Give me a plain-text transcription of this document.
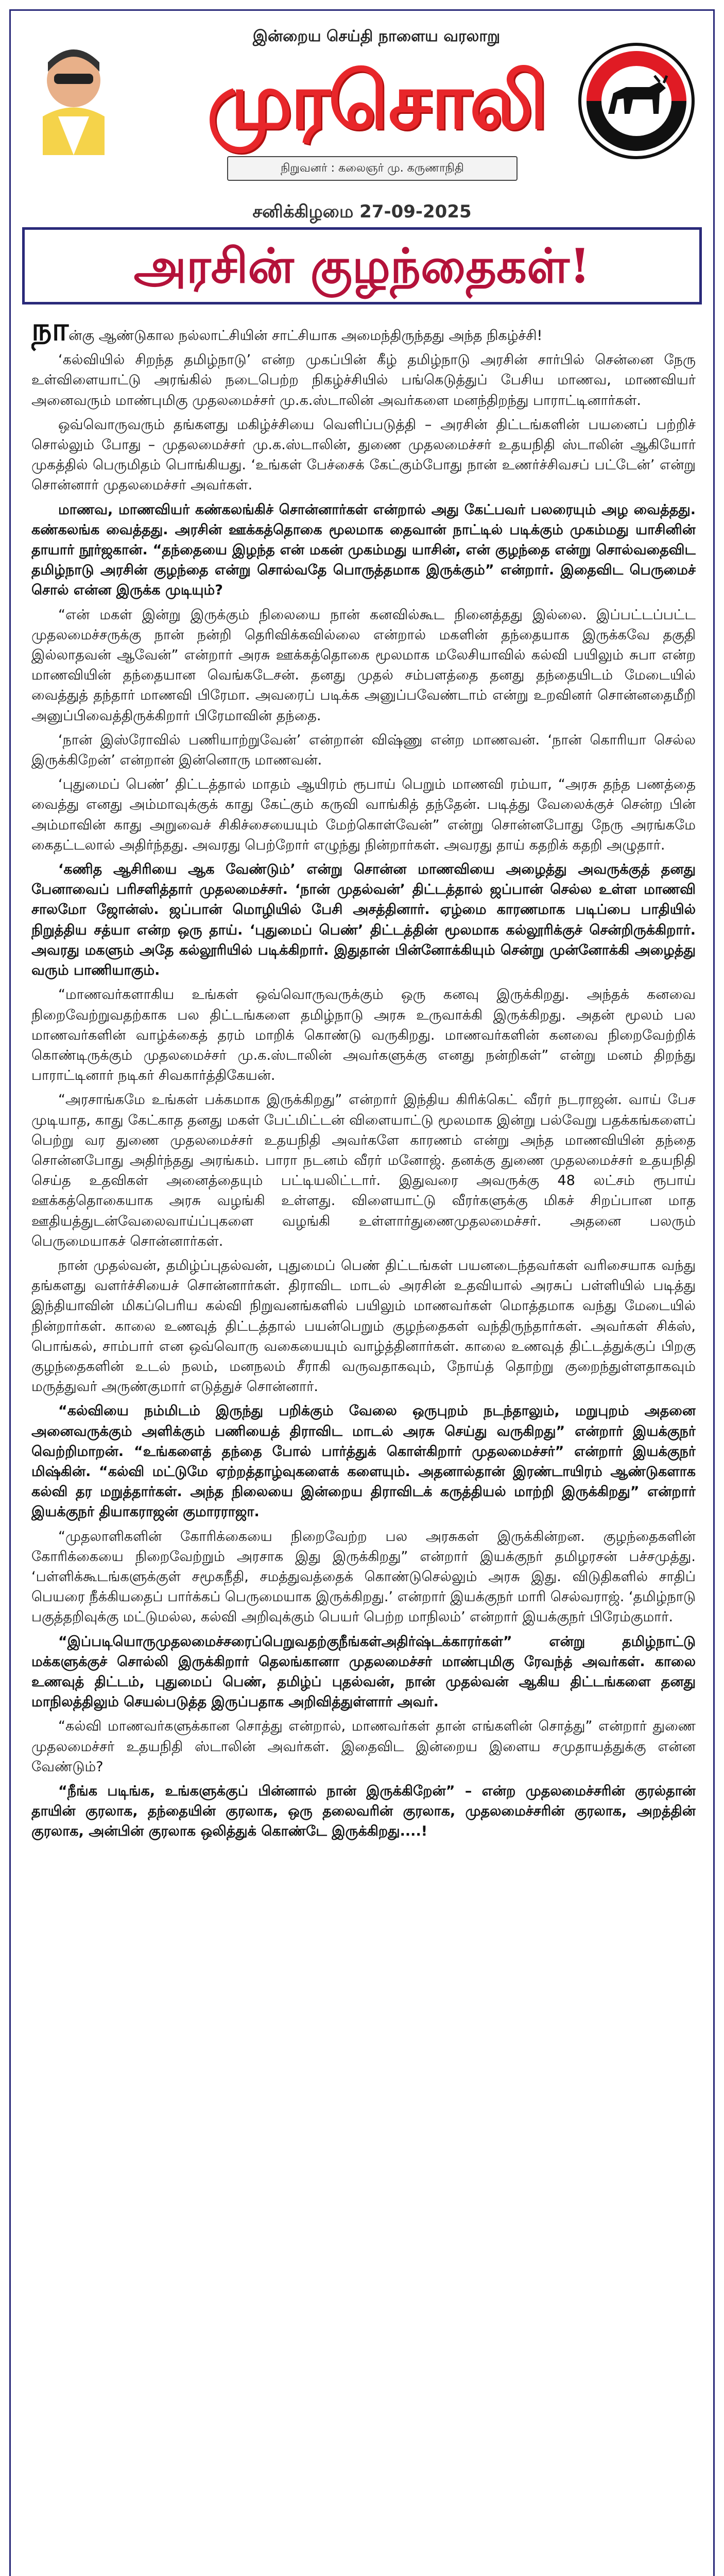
இன்றைய செய்தி நாளைய வரலாறு
முரசொலி
நிறுவனர் : கலைஞர் மு. கருணாநிதி
சனிக்கிழமை 27-09-2025
அரசின் குழந்தைகள்!

நான்கு ஆண்டுகால நல்லாட்சியின் சாட்சியாக அமைந்திருந்தது அந்த நிகழ்ச்சி!

‘கல்வியில் சிறந்த தமிழ்நாடு’ என்ற முகப்பின் கீழ் தமிழ்நாடு அரசின் சார்பில் சென்னை நேரு உள்விளையாட்டு அரங்கில் நடைபெற்ற நிகழ்ச்சியில் பங்கெடுத்துப் பேசிய மாணவ, மாணவியர் அனைவரும் மாண்புமிகு முதலமைச்சர் மு.க.ஸ்டாலின் அவர்களை மனந்திறந்து பாராட்டினார்கள்.

ஒவ்வொருவரும் தங்களது மகிழ்ச்சியை வெளிப்படுத்தி – அரசின் திட்டங்களின் பயனைப் பற்றிச் சொல்லும் போது – முதலமைச்சர் மு.க.ஸ்டாலின், துணை முதலமைச்சர் உதயநிதி ஸ்டாலின் ஆகியோர் முகத்தில் பெருமிதம் பொங்கியது. ‘உங்கள் பேச்சைக் கேட்கும்போது நான் உணர்ச்சிவசப் பட்டேன்’ என்று சொன்னார் முதலமைச்சர் அவர்கள்.

மாணவ, மாணவியர் கண்கலங்கிச் சொன்னார்கள் என்றால் அது கேட்பவர் பலரையும் அழ வைத்தது. கண்கலங்க வைத்தது. அரசின் ஊக்கத்தொகை மூலமாக தைவான் நாட்டில் படிக்கும் முகம்மது யாசினின் தாயார் நூர்ஜகான். “தந்தையை இழந்த என் மகன் முகம்மது யாசின், என் குழந்தை என்று சொல்வதைவிட தமிழ்நாடு அரசின் குழந்தை என்று சொல்வதே பொருத்தமாக இருக்கும்” என்றார். இதைவிட பெருமைச் சொல் என்ன இருக்க முடியும்?

“என் மகள் இன்று இருக்கும் நிலையை நான் கனவில்கூட நினைத்தது இல்லை. இப்பட்டப்பட்ட முதலமைச்சருக்கு நான் நன்றி தெரிவிக்கவில்லை என்றால் மகளின் தந்தையாக இருக்கவே தகுதி இல்லாதவன் ஆவேன்” என்றார் அரசு ஊக்கத்தொகை மூலமாக மலேசியாவில் கல்வி பயிலும் சுபா என்ற மாணவியின் தந்தையான வெங்கடேசன். தனது முதல் சம்பளத்தை தனது தந்தையிடம் மேடையில் வைத்துத் தந்தார் மாணவி பிரேமா. அவரைப் படிக்க அனுப்பவேண்டாம் என்று உறவினர் சொன்னதைமீறி அனுப்பிவைத்திருக்கிறார் பிரேமாவின் தந்தை.

‘நான் இஸ்ரோவில் பணியாற்றுவேன்’ என்றான் விஷ்ணு என்ற மாணவன். ‘நான் கொரியா செல்ல இருக்கிறேன்’ என்றான் இன்னொரு மாணவன்.

‘புதுமைப் பெண்’ திட்டத்தால் மாதம் ஆயிரம் ரூபாய் பெறும் மாணவி ரம்யா, “அரசு தந்த பணத்தை வைத்து எனது அம்மாவுக்குக் காது கேட்கும் கருவி வாங்கித் தந்தேன். படித்து வேலைக்குச் சென்ற பின் அம்மாவின் காது அறுவைச் சிகிச்சையையும் மேற்கொள்வேன்” என்று சொன்னபோது நேரு அரங்கமே கைதட்டலால் அதிர்ந்தது. அவரது பெற்றோர் எழுந்து நின்றார்கள். அவரது தாய் கதறிக் கதறி அழுதார்.

‘கணித ஆசிரியை ஆக வேண்டும்’ என்று சொன்ன மாணவியை அழைத்து அவருக்குத் தனது பேனாவைப் பரிசளித்தார் முதலமைச்சர். ‘நான் முதல்வன்’ திட்டத்தால் ஜப்பான் செல்ல உள்ள மாணவி சாலமோ ஜோன்ஸ். ஜப்பான் மொழியில் பேசி அசத்தினார். ஏழ்மை காரணமாக படிப்பை பாதியில் நிறுத்திய சத்யா என்ற ஒரு தாய். ‘புதுமைப் பெண்’ திட்டத்தின் மூலமாக கல்லூரிக்குச் சென்றிருக்கிறார். அவரது மகளும் அதே கல்லூரியில் படிக்கிறார். இதுதான் பின்னோக்கியும் சென்று முன்னோக்கி அழைத்து வரும் பாணியாகும்.

“மாணவர்களாகிய உங்கள் ஒவ்வொருவருக்கும் ஒரு கனவு இருக்கிறது. அந்தக் கனவை நிறைவேற்றுவதற்காக பல திட்டங்களை தமிழ்நாடு அரசு உருவாக்கி இருக்கிறது. அதன் மூலம் பல மாணவர்களின் வாழ்க்கைத் தரம் மாறிக் கொண்டு வருகிறது. மாணவர்களின் கனவை நிறைவேற்றிக் கொண்டிருக்கும் முதலமைச்சர் மு.க.ஸ்டாலின் அவர்களுக்கு எனது நன்றிகள்” என்று மனம் திறந்து பாராட்டினார் நடிகர் சிவகார்த்திகேயன்.

“அரசாங்கமே உங்கள் பக்கமாக இருக்கிறது” என்றார் இந்திய கிரிக்கெட் வீரர் நடராஜன். வாய் பேச முடியாத, காது கேட்காத தனது மகள் பேட்மிட்டன் விளையாட்டு மூலமாக இன்று பல்வேறு பதக்கங்களைப் பெற்று வர துணை முதலமைச்சர் உதயநிதி அவர்களே காரணம் என்று அந்த மாணவியின் தந்தை சொன்னபோது அதிர்ந்தது அரங்கம். பாரா நடனம் வீரர் மனோஜ். தனக்கு துணை முதலமைச்சர் உதயநிதி செய்த உதவிகள் அனைத்தையும் பட்டியலிட்டார். இதுவரை அவருக்கு 48 லட்சம் ரூபாய் ஊக்கத்தொகையாக அரசு வழங்கி உள்ளது. விளையாட்டு வீரர்களுக்கு மிகச் சிறப்பான மாத ஊதியத்துடன்வேலைவாய்ப்புகளை வழங்கி உள்ளார்துணைமுதலமைச்சர். அதனை பலரும் பெருமையாகச் சொன்னார்கள்.

நான் முதல்வன், தமிழ்ப்புதல்வன், புதுமைப் பெண் திட்டங்கள் பயனடைந்தவர்கள் வரிசையாக வந்து தங்களது வளர்ச்சியைச் சொன்னார்கள். திராவிட மாடல் அரசின் உதவியால் அரசுப் பள்ளியில் படித்து இந்தியாவின் மிகப்பெரிய கல்வி நிறுவனங்களில் பயிலும் மாணவர்கள் மொத்தமாக வந்து மேடையில் நின்றார்கள். காலை உணவுத் திட்டத்தால் பயன்பெறும் குழந்தைகள் வந்திருந்தார்கள். அவர்கள் சிக்ஸ், பொங்கல், சாம்பார் என ஒவ்வொரு வகையையும் வாழ்த்தினார்கள். காலை உணவுத் திட்டத்துக்குப் பிறகு குழந்தைகளின் உடல் நலம், மனநலம் சீராகி வருவதாகவும், நோய்த் தொற்று குறைந்துள்ளதாகவும் மருத்துவர் அருண்குமார் எடுத்துச் சொன்னார்.

“கல்வியை நம்மிடம் இருந்து பறிக்கும் வேலை ஒருபுறம் நடந்தாலும், மறுபுறம் அதனை அனைவருக்கும் அளிக்கும் பணியைத் திராவிட மாடல் அரசு செய்து வருகிறது” என்றார் இயக்குநர் வெற்றிமாறன். “உங்களைத் தந்தை போல் பார்த்துக் கொள்கிறார் முதலமைச்சர்” என்றார் இயக்குநர் மிஷ்கின். “கல்வி மட்டுமே ஏற்றத்தாழ்வுகளைக் களையும். அதனால்தான் இரண்டாயிரம் ஆண்டுகளாக கல்வி தர மறுத்தார்கள். அந்த நிலையை இன்றைய திராவிடக் கருத்தியல் மாற்றி இருக்கிறது” என்றார் இயக்குநர் தியாகராஜன் குமாரராஜா.

“முதலாளிகளின் கோரிக்கையை நிறைவேற்ற பல அரசுகள் இருக்கின்றன. குழந்தைகளின் கோரிக்கையை நிறைவேற்றும் அரசாக இது இருக்கிறது” என்றார் இயக்குநர் தமிழரசன் பச்சமுத்து. ‘பள்ளிக்கூடங்களுக்குள் சமூகநீதி, சமத்துவத்தைக் கொண்டுசெல்லும் அரசு இது. விடுதிகளில் சாதிப் பெயரை நீக்கியதைப் பார்க்கப் பெருமையாக இருக்கிறது.’ என்றார் இயக்குநர் மாரி செல்வராஜ். ‘தமிழ்நாடு பகுத்தறிவுக்கு மட்டுமல்ல, கல்வி அறிவுக்கும் பெயர் பெற்ற மாநிலம்’ என்றார் இயக்குநர் பிரேம்குமார்.

“இப்படியொருமுதலமைச்சரைப்பெறுவதற்குநீங்கள்அதிர்ஷ்டக்காரர்கள்” என்று தமிழ்நாட்டு மக்களுக்குச் சொல்லி இருக்கிறார் தெலங்கானா முதலமைச்சர் மாண்புமிகு ரேவந்த் அவர்கள். காலை உணவுத் திட்டம், புதுமைப் பெண், தமிழ்ப் புதல்வன், நான் முதல்வன் ஆகிய திட்டங்களை தனது மாநிலத்திலும் செயல்படுத்த இருப்பதாக அறிவித்துள்ளார் அவர்.

“கல்வி மாணவர்களுக்கான சொத்து என்றால், மாணவர்கள் தான் எங்களின் சொத்து” என்றார் துணை முதலமைச்சர் உதயநிதி ஸ்டாலின் அவர்கள். இதைவிட இன்றைய இளைய சமுதாயத்துக்கு என்ன வேண்டும்?

“நீங்க படிங்க, உங்களுக்குப் பின்னால் நான் இருக்கிறேன்” – என்ற முதலமைச்சரின் குரல்தான் தாயின் குரலாக, தந்தையின் குரலாக, ஒரு தலைவரின் குரலாக, முதலமைச்சரின் குரலாக, அறத்தின் குரலாக, அன்பின் குரலாக ஒலித்துக் கொண்டே இருக்கிறது....!
